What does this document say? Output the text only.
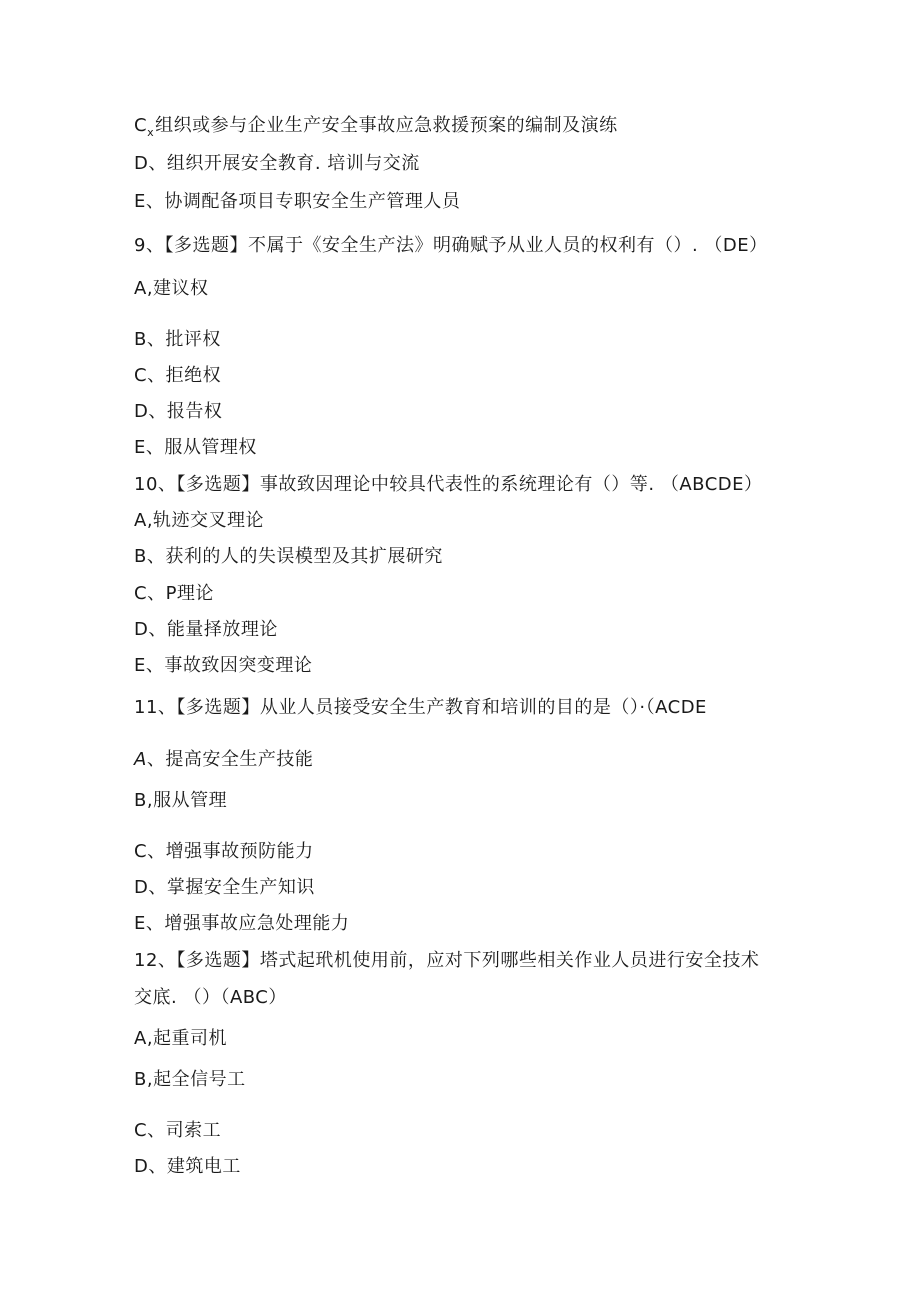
$C_x$组织或参与企业生产安全事故应急救援预案的编制及演练
D、组织开展安全教育. 培训与交流
E、协调配备项目专职安全生产管理人员
9、【多选题】不属于《安全生产法》明确赋予从业人员的权利有（）. （DE）
A,建议权
B、批评权
C、拒绝权
D、报告权
E、服从管理权
10、【多选题】事故致因理论中较具代表性的系统理论有（）等. （ABCDE）
A,轨迹交叉理论
B、获利的人的失误模型及其扩展研究
C、P理论
D、能量择放理论
E、事故致因突变理论
11、【多选题】从业人员接受安全生产教育和培训的目的是（）·（ACDE
A、提高安全生产技能
B,服从管理
C、增强事故预防能力
D、掌握安全生产知识
E、增强事故应急处理能力
12、【多选题】塔式起玳机使用前，应对下列哪些相关作业人员进行安全技术
交底. （）（ABC）
A,起重司机
B,起全信号工
C、司索工
D、建筑电工
